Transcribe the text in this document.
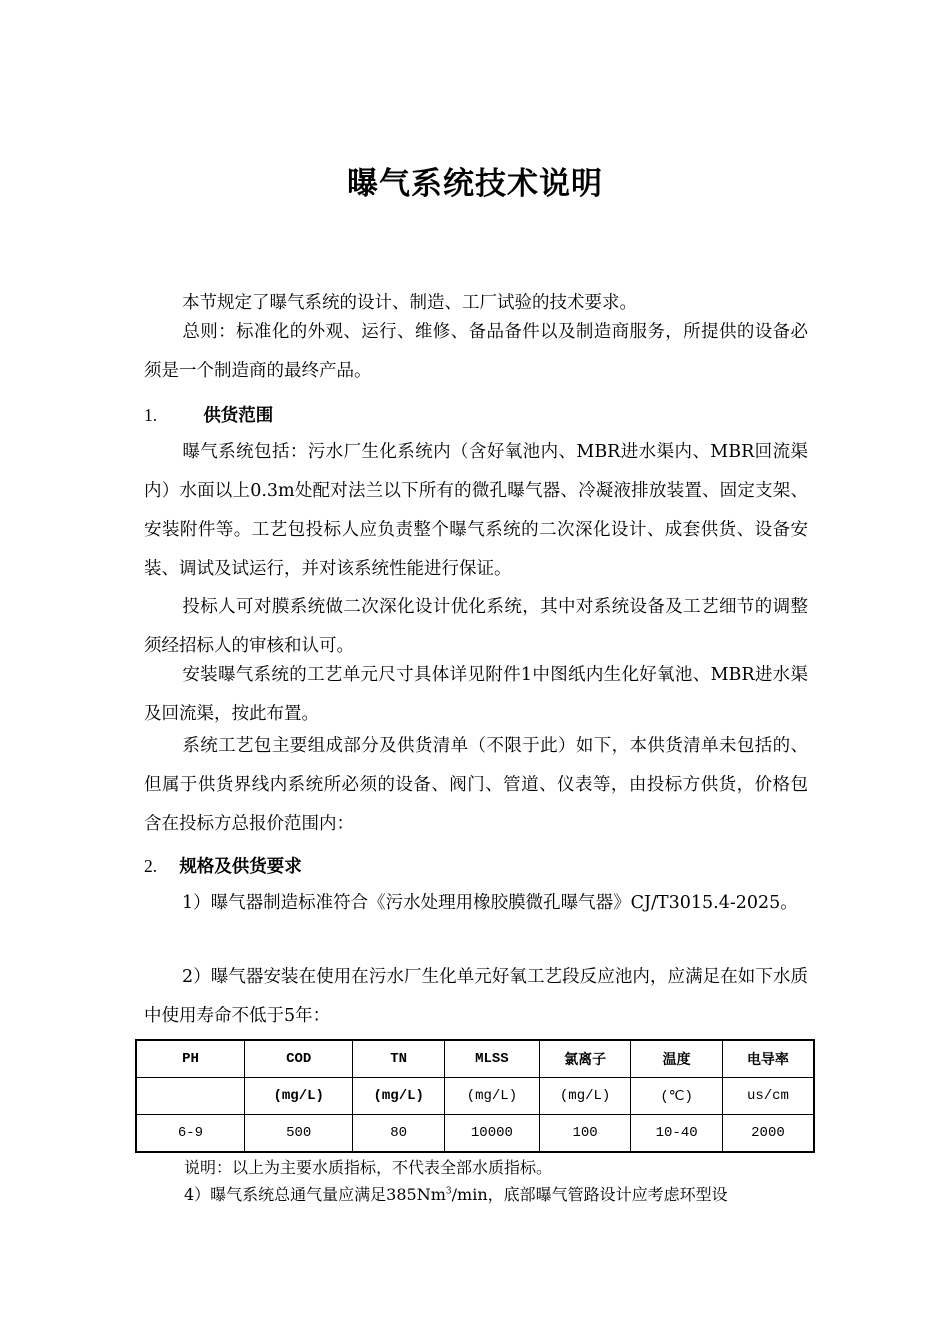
曝气系统技术说明
本节规定了曝气系统的设计、制造、工厂试验的技术要求。
总则：标准化的外观、运行、维修、备品备件以及制造商服务，所提供的设备必须是一个制造商的最终产品。
1.	供货范围
曝气系统包括：污水厂生化系统内（含好氧池内、MBR进水渠内、MBR回流渠内）水面以上0.3m处配对法兰以下所有的微孔曝气器、冷凝液排放装置、固定支架、安装附件等。工艺包投标人应负责整个曝气系统的二次深化设计、成套供货、设备安装、调试及试运行，并对该系统性能进行保证。
投标人可对膜系统做二次深化设计优化系统，其中对系统设备及工艺细节的调整须经招标人的审核和认可。
安装曝气系统的工艺单元尺寸具体详见附件1中图纸内生化好氧池、MBR进水渠及回流渠，按此布置。
系统工艺包主要组成部分及供货清单（不限于此）如下，本供货清单未包括的、但属于供货界线内系统所必须的设备、阀门、管道、仪表等，由投标方供货，价格包含在投标方总报价范围内：
2. 规格及供货要求
1）曝气器制造标准符合《污水处理用橡胶膜微孔曝气器》CJ/T3015.4-2025。
2）曝气器安装在使用在污水厂生化单元好氧工艺段反应池内，应满足在如下水质中使用寿命不低于5年：
PH	COD	TN	MLSS	氯离子	温度	电导率
	(mg/L)	(mg/L)	(mg/L)	(mg/L)	(℃)	us/cm
6-9	500	80	10000	100	10-40	2000
说明：以上为主要水质指标，不代表全部水质指标。
4）曝气系统总通气量应满足385Nm$^3$/min，底部曝气管路设计应考虑环型设
